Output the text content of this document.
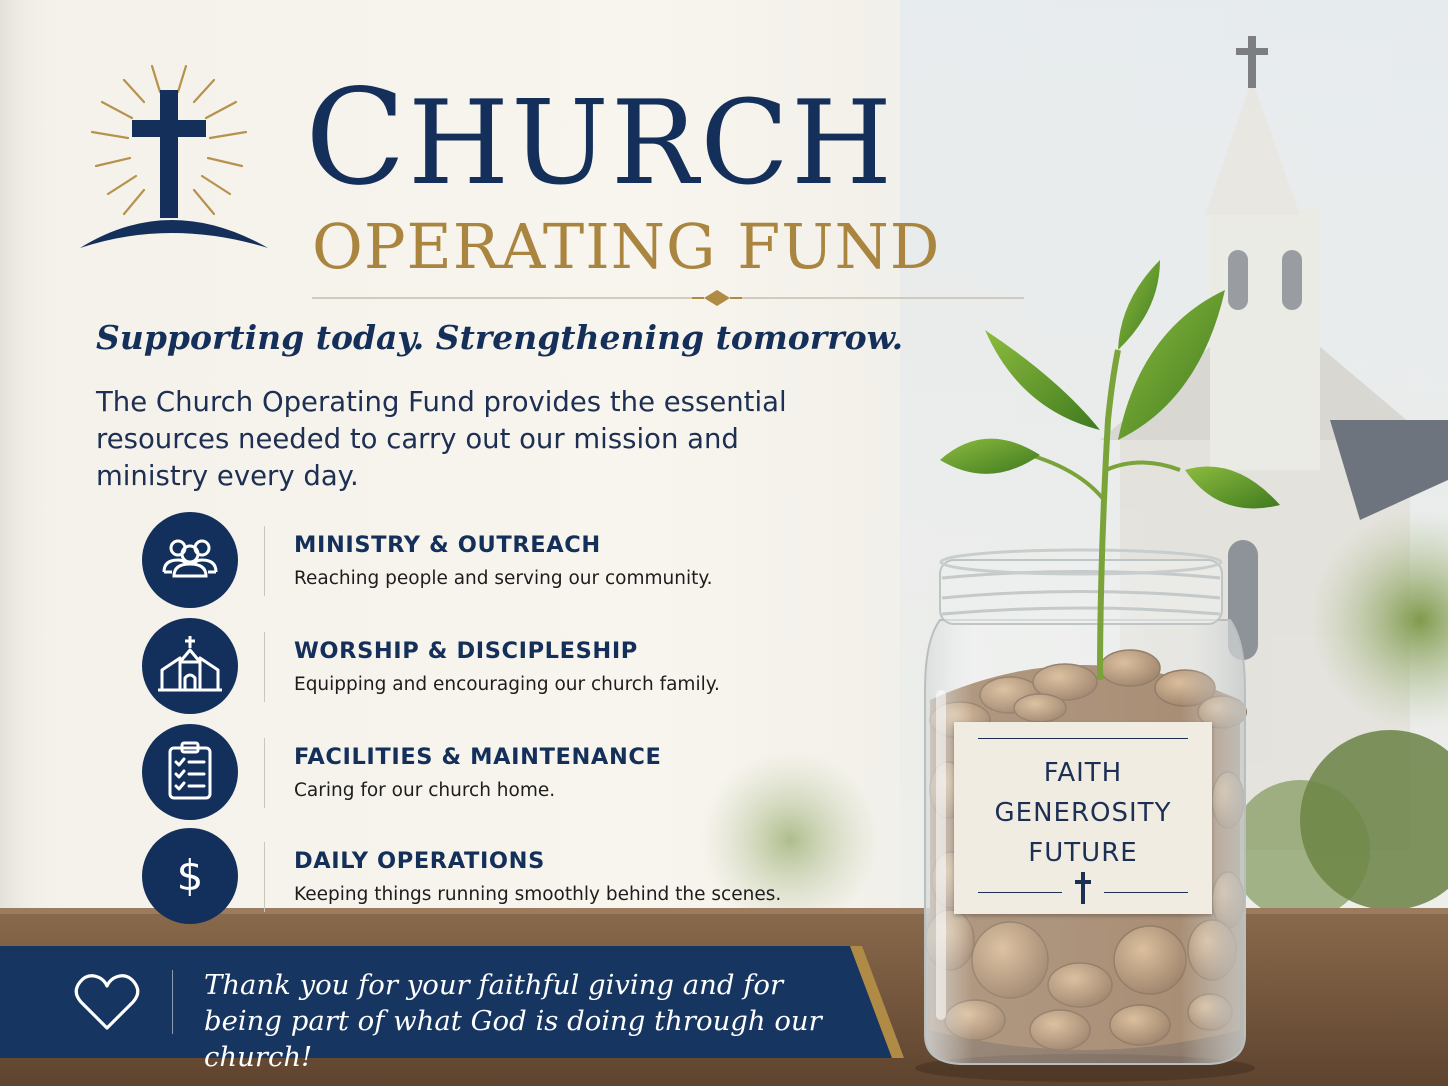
CHURCH
OPERATING FUND
Supporting today. Strengthening tomorrow.
The Church Operating Fund provides the essential resources needed to carry out our mission and ministry every day.
MINISTRY & OUTREACH
Reaching people and serving our community.
WORSHIP & DISCIPLESHIP
Equipping and encouraging our church family.
FACILITIES & MAINTENANCE
Caring for our church home.
$	DAILY OPERATIONS
Keeping things running smoothly behind the scenes.
Thank you for your faithful giving and for being part of what God is doing through our church!
FAITH
GENEROSITY
FUTURE
